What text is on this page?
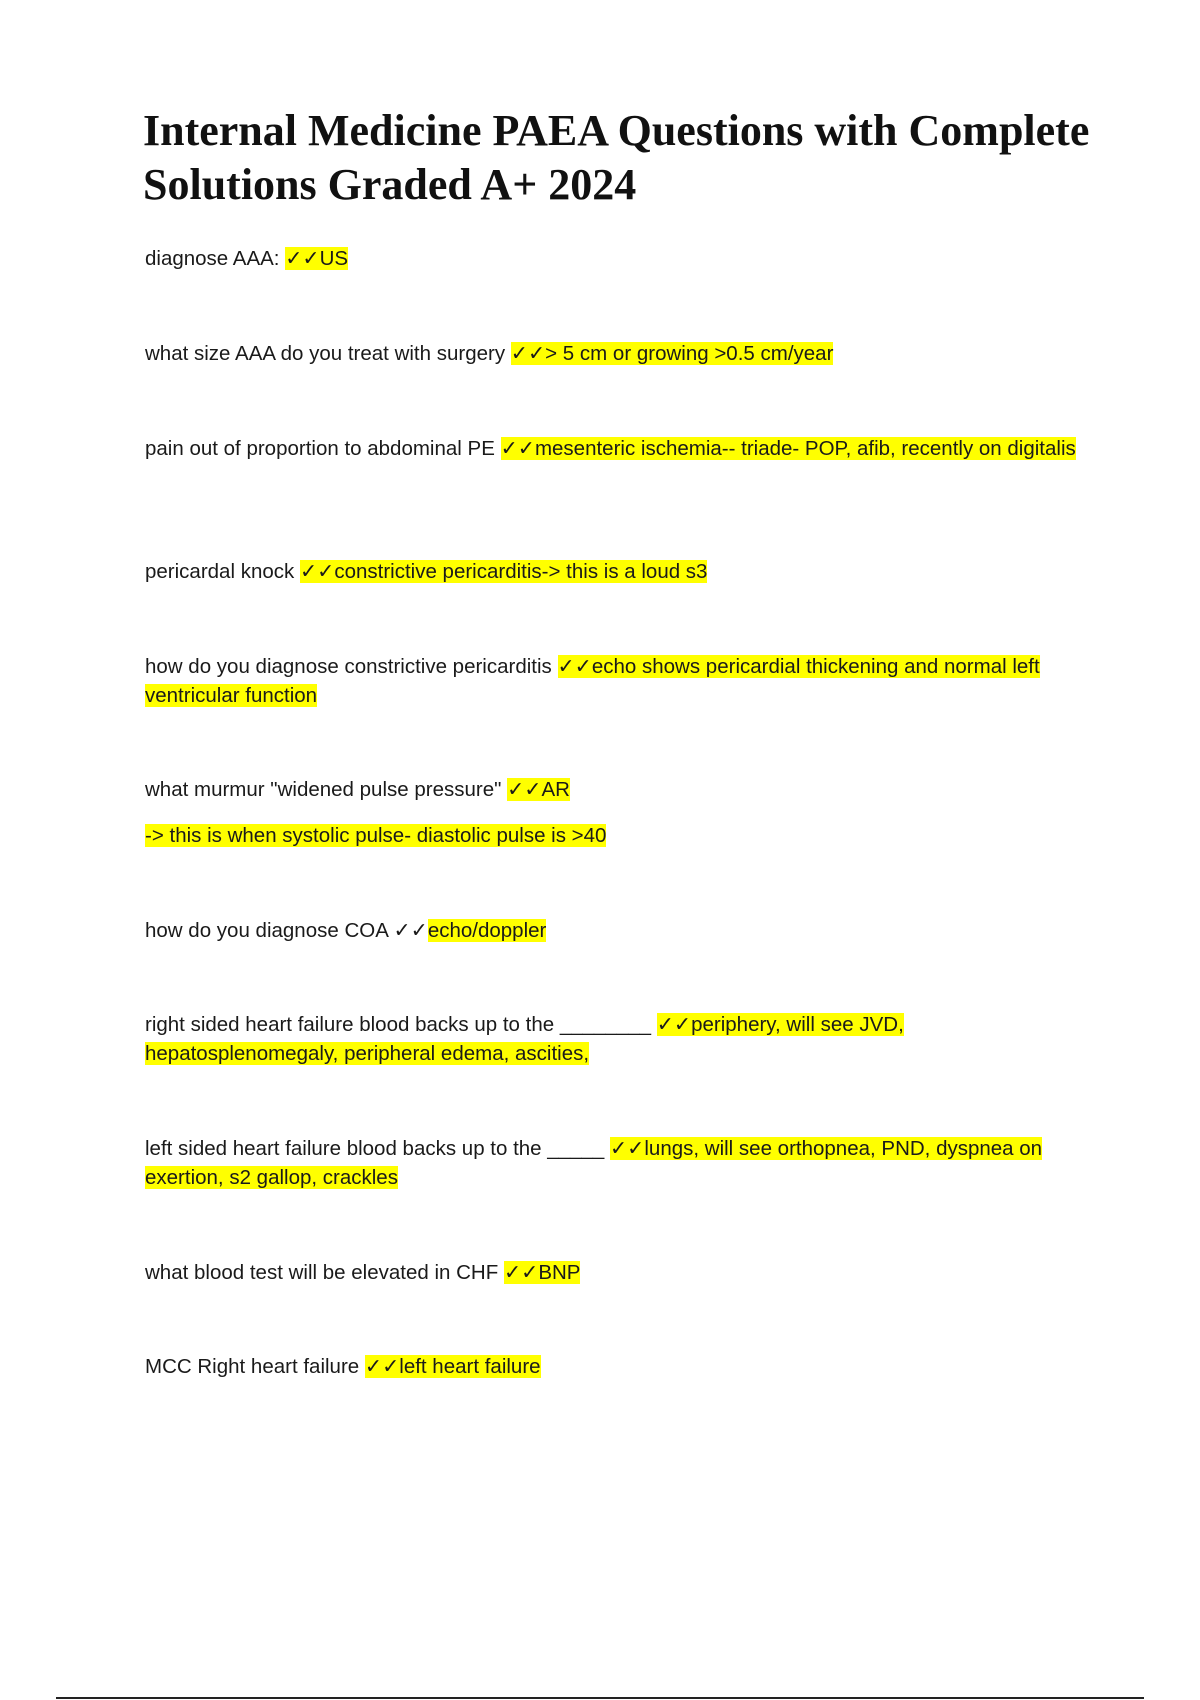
Internal Medicine PAEA Questions with Complete Solutions Graded A+ 2024
diagnose AAA: ✓✓US
what size AAA do you treat with surgery ✓✓> 5 cm or growing >0.5 cm/year
pain out of proportion to abdominal PE ✓✓mesenteric ischemia-- triade- POP, afib, recently on digitalis
pericardal knock ✓✓constrictive pericarditis-> this is a loud s3
how do you diagnose constrictive pericarditis ✓✓echo shows pericardial thickening and normal left ventricular function
what murmur "widened pulse pressure" ✓✓AR
-> this is when systolic pulse- diastolic pulse is >40
how do you diagnose COA ✓✓echo/doppler
right sided heart failure blood backs up to the ________ ✓✓periphery, will see JVD, hepatosplenomegaly, peripheral edema, ascities,
left sided heart failure blood backs up to the _____ ✓✓lungs, will see orthopnea, PND, dyspnea on exertion, s2 gallop, crackles
what blood test will be elevated in CHF ✓✓BNP
MCC Right heart failure ✓✓left heart failure
